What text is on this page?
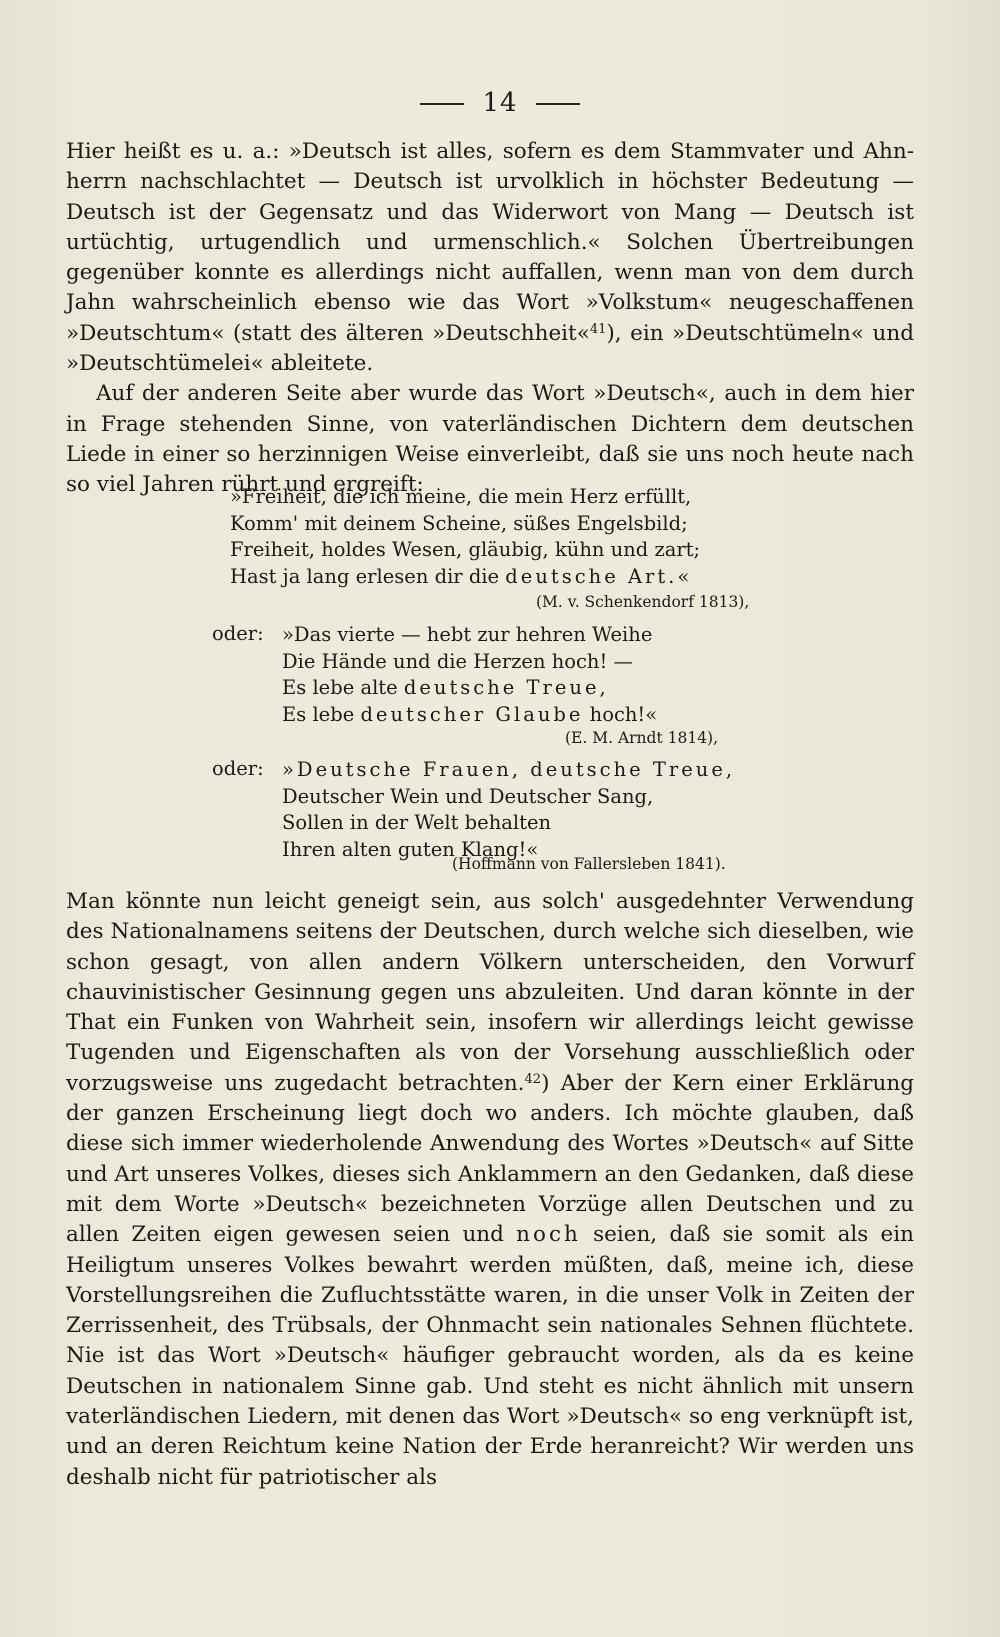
14

Hier heißt es u. a.: »Deutsch ist alles, sofern es dem Stammvater und Ahnherrn nachschlachtet — Deutsch ist urvolklich in höchster Bedeutung — Deutsch ist der Gegensatz und das Widerwort von Mang — Deutsch ist urtüchtig, urtugendlich und urmenschlich.« Solchen Übertreibungen gegenüber konnte es allerdings nicht auffallen, wenn man von dem durch Jahn wahrscheinlich ebenso wie das Wort »Volkstum« neugeschaffenen »Deutschtum« (statt des älteren »Deutschheit«$^{41}$), ein »Deutschtümeln« und »Deutschtümelei« ableitete.

Auf der anderen Seite aber wurde das Wort »Deutsch«, auch in dem hier in Frage stehenden Sinne, von vaterländischen Dichtern dem deutschen Liede in einer so herzinnigen Weise einverleibt, daß sie uns noch heute nach so viel Jahren rührt und ergreift:

»Freiheit, die ich meine, die mein Herz erfüllt,
Komm' mit deinem Scheine, süßes Engelsbild;
Freiheit, holdes Wesen, gläubig, kühn und zart;
Hast ja lang erlesen dir die deutsche Art.«
(M. v. Schenkendorf 1813),
oder: »Das vierte — hebt zur hehren Weihe
Die Hände und die Herzen hoch! —
Es lebe alte deutsche Treue,
Es lebe deutscher Glaube hoch!«
(E. M. Arndt 1814),
oder: »Deutsche Frauen, deutsche Treue,
Deutscher Wein und Deutscher Sang,
Sollen in der Welt behalten
Ihren alten guten Klang!«
(Hoffmann von Fallersleben 1841).

Man könnte nun leicht geneigt sein, aus solch' ausgedehnter Verwendung des Nationalnamens seitens der Deutschen, durch welche sich dieselben, wie schon gesagt, von allen andern Völkern unterscheiden, den Vorwurf chauvinistischer Gesinnung gegen uns abzuleiten. Und daran könnte in der That ein Funken von Wahrheit sein, insofern wir allerdings leicht gewisse Tugenden und Eigenschaften als von der Vorsehung ausschließlich oder vorzugsweise uns zugedacht betrachten.$^{42}$) Aber der Kern einer Erklärung der ganzen Erscheinung liegt doch wo anders. Ich möchte glauben, daß diese sich immer wiederholende Anwendung des Wortes »Deutsch« auf Sitte und Art unseres Volkes, dieses sich Anklammern an den Gedanken, daß diese mit dem Worte »Deutsch« bezeichneten Vorzüge allen Deutschen und zu allen Zeiten eigen gewesen seien und noch seien, daß sie somit als ein Heiligtum unseres Volkes bewahrt werden müßten, daß, meine ich, diese Vorstellungsreihen die Zufluchtsstätte waren, in die unser Volk in Zeiten der Zerrissenheit, des Trübsals, der Ohnmacht sein nationales Sehnen flüchtete. Nie ist das Wort »Deutsch« häufiger gebraucht worden, als da es keine Deutschen in nationalem Sinne gab. Und steht es nicht ähnlich mit unsern vaterländischen Liedern, mit denen das Wort »Deutsch« so eng verknüpft ist, und an deren Reichtum keine Nation der Erde heranreicht? Wir werden uns deshalb nicht für patriotischer als
